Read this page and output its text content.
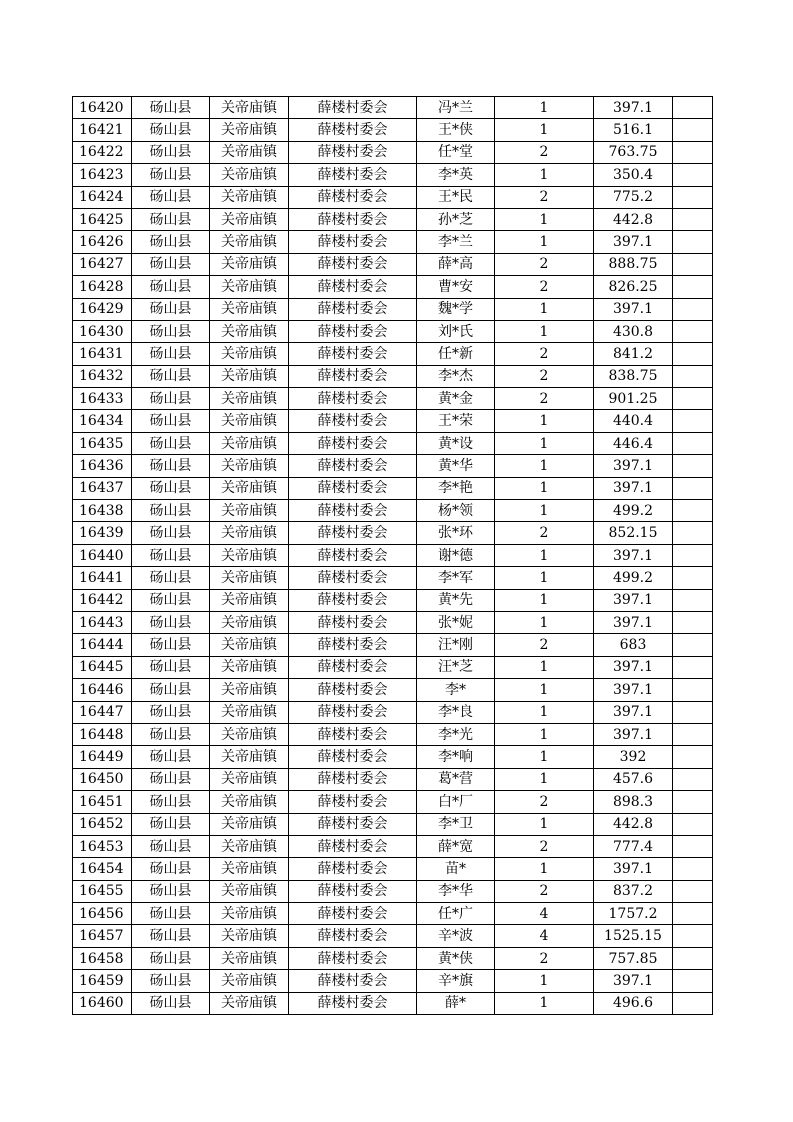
16420	砀山县	关帝庙镇	薛楼村委会	冯*兰	1	397.1	
16421	砀山县	关帝庙镇	薛楼村委会	王*侠	1	516.1	
16422	砀山县	关帝庙镇	薛楼村委会	任*堂	2	763.75	
16423	砀山县	关帝庙镇	薛楼村委会	李*英	1	350.4	
16424	砀山县	关帝庙镇	薛楼村委会	王*民	2	775.2	
16425	砀山县	关帝庙镇	薛楼村委会	孙*芝	1	442.8	
16426	砀山县	关帝庙镇	薛楼村委会	李*兰	1	397.1	
16427	砀山县	关帝庙镇	薛楼村委会	薛*高	2	888.75	
16428	砀山县	关帝庙镇	薛楼村委会	曹*安	2	826.25	
16429	砀山县	关帝庙镇	薛楼村委会	魏*学	1	397.1	
16430	砀山县	关帝庙镇	薛楼村委会	刘*氏	1	430.8	
16431	砀山县	关帝庙镇	薛楼村委会	任*新	2	841.2	
16432	砀山县	关帝庙镇	薛楼村委会	李*杰	2	838.75	
16433	砀山县	关帝庙镇	薛楼村委会	黄*金	2	901.25	
16434	砀山县	关帝庙镇	薛楼村委会	王*荣	1	440.4	
16435	砀山县	关帝庙镇	薛楼村委会	黄*设	1	446.4	
16436	砀山县	关帝庙镇	薛楼村委会	黄*华	1	397.1	
16437	砀山县	关帝庙镇	薛楼村委会	李*艳	1	397.1	
16438	砀山县	关帝庙镇	薛楼村委会	杨*领	1	499.2	
16439	砀山县	关帝庙镇	薛楼村委会	张*环	2	852.15	
16440	砀山县	关帝庙镇	薛楼村委会	谢*德	1	397.1	
16441	砀山县	关帝庙镇	薛楼村委会	李*军	1	499.2	
16442	砀山县	关帝庙镇	薛楼村委会	黄*先	1	397.1	
16443	砀山县	关帝庙镇	薛楼村委会	张*妮	1	397.1	
16444	砀山县	关帝庙镇	薛楼村委会	汪*刚	2	683	
16445	砀山县	关帝庙镇	薛楼村委会	汪*芝	1	397.1	
16446	砀山县	关帝庙镇	薛楼村委会	李*	1	397.1	
16447	砀山县	关帝庙镇	薛楼村委会	李*良	1	397.1	
16448	砀山县	关帝庙镇	薛楼村委会	李*光	1	397.1	
16449	砀山县	关帝庙镇	薛楼村委会	李*响	1	392	
16450	砀山县	关帝庙镇	薛楼村委会	葛*营	1	457.6	
16451	砀山县	关帝庙镇	薛楼村委会	白*厂	2	898.3	
16452	砀山县	关帝庙镇	薛楼村委会	李*卫	1	442.8	
16453	砀山县	关帝庙镇	薛楼村委会	薛*宽	2	777.4	
16454	砀山县	关帝庙镇	薛楼村委会	苗*	1	397.1	
16455	砀山县	关帝庙镇	薛楼村委会	李*华	2	837.2	
16456	砀山县	关帝庙镇	薛楼村委会	任*广	4	1757.2	
16457	砀山县	关帝庙镇	薛楼村委会	辛*波	4	1525.15	
16458	砀山县	关帝庙镇	薛楼村委会	黄*侠	2	757.85	
16459	砀山县	关帝庙镇	薛楼村委会	辛*旗	1	397.1	
16460	砀山县	关帝庙镇	薛楼村委会	薛*	1	496.6	
